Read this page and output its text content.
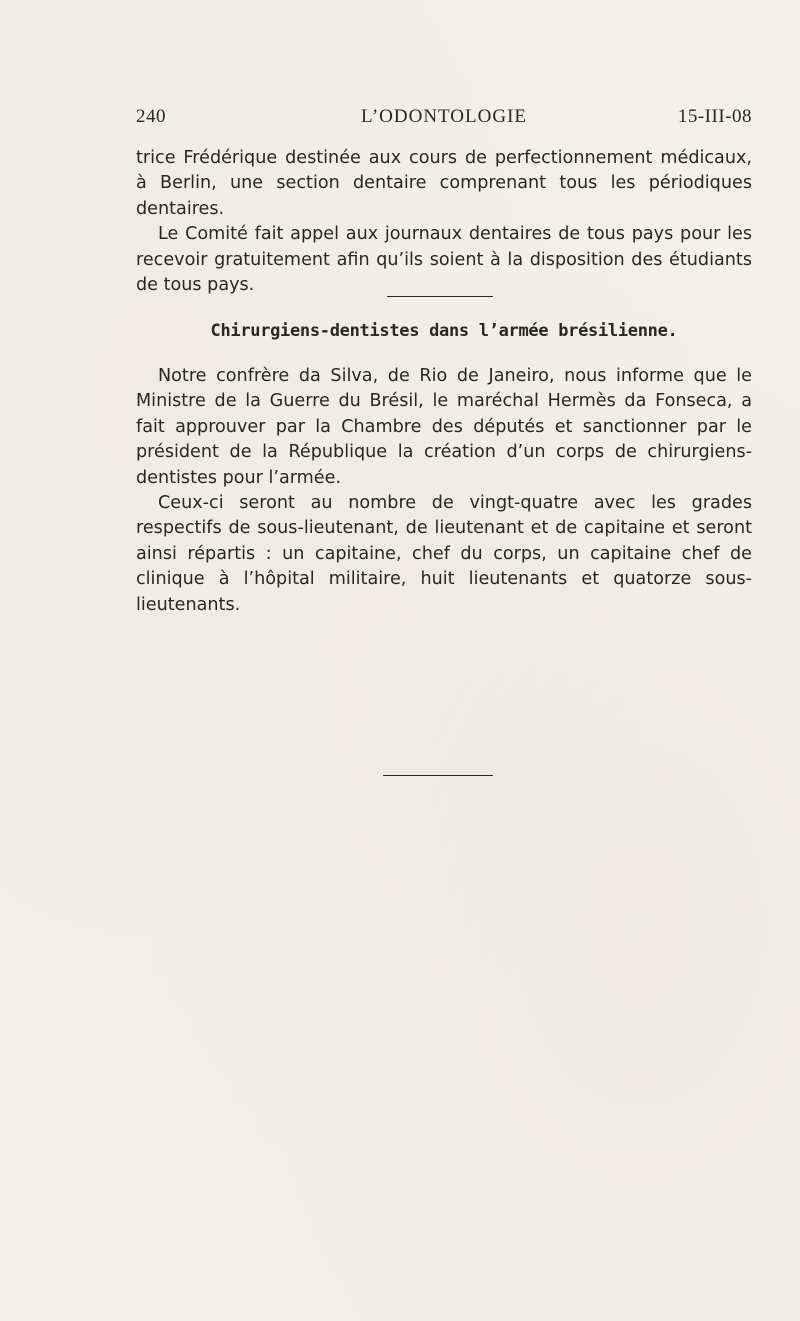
240	L’ODONTOLOGIE	15-III-08

trice Frédérique destinée aux cours de perfectionnement médicaux, à Berlin, une section dentaire comprenant tous les périodiques dentaires.

Le Comité fait appel aux journaux dentaires de tous pays pour les recevoir gratuitement afin qu’ils soient à la disposition des étudiants de tous pays.

Chirurgiens-dentistes dans l’armée brésilienne.

Notre confrère da Silva, de Rio de Janeiro, nous informe que le Ministre de la Guerre du Brésil, le maréchal Hermès da Fonseca, a fait approuver par la Chambre des députés et sanctionner par le président de la République la création d’un corps de chirurgiens-dentistes pour l’armée.

Ceux-ci seront au nombre de vingt-quatre avec les grades respectifs de sous-lieutenant, de lieutenant et de capitaine et seront ainsi répartis : un capitaine, chef du corps, un capitaine chef de clinique à l’hôpital militaire, huit lieutenants et quatorze sous-lieutenants.
